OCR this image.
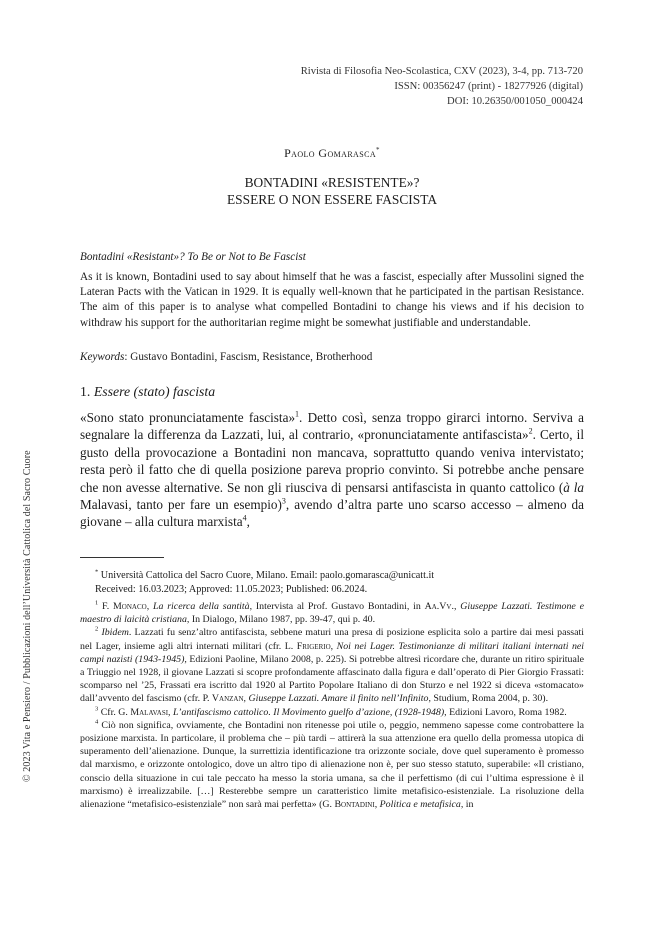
© 2023 Vita e Pensiero / Pubblicazioni dell’Università Cattolica del Sacro Cuore
Rivista di Filosofia Neo-Scolastica, CXV (2023), 3-4, pp. 713-720
ISSN: 00356247 (print) - 18277926 (digital)
DOI: 10.26350/001050_000424
Paolo Gomarasca*
BONTADINI «RESISTENTE»?
ESSERE O NON ESSERE FASCISTA
Bontadini «Resistant»? To Be or Not to Be Fascist
As it is known, Bontadini used to say about himself that he was a fascist, especially after Mussolini signed the Lateran Pacts with the Vatican in 1929. It is equally well-known that he participated in the partisan Resistance. The aim of this paper is to analyse what compelled Bontadini to change his views and if his decision to withdraw his support for the authoritarian regime might be somewhat justifiable and understandable.
Keywords: Gustavo Bontadini, Fascism, Resistance, Brotherhood
1. Essere (stato) fascista
«Sono stato pronunciatamente fascista»$^1$. Detto così, senza troppo girarci intorno. Serviva a segnalare la differenza da Lazzati, lui, al contrario, «pronunciatamente antifascista»$^2$. Certo, il gusto della provocazione a Bontadini non mancava, soprattutto quando veniva intervistato; resta però il fatto che di quella posizione pareva proprio convinto. Si potrebbe anche pensare che non avesse alternative. Se non gli riusciva di pensarsi antifascista in quanto cattolico (à la Malavasi, tanto per fare un esempio)$^3$, avendo d’altra parte uno scarso accesso – almeno da giovane – alla cultura marxista$^4$,
* Università Cattolica del Sacro Cuore, Milano. Email: paolo.gomarasca@unicatt.it
Received: 16.03.2023; Approved: 11.05.2023; Published: 06.2024.

$^1$ F. Monaco, La ricerca della santità, Intervista al Prof. Gustavo Bontadini, in Aa.Vv., Giuseppe Lazzati. Testimone e maestro di laicità cristiana, In Dialogo, Milano 1987, pp. 39-47, qui p. 40.

$^2$ Ibidem. Lazzati fu senz’altro antifascista, sebbene maturi una presa di posizione esplicita solo a partire dai mesi passati nel Lager, insieme agli altri internati militari (cfr. L. Frigerio, Noi nei Lager. Testimonianze di militari italiani internati nei campi nazisti (1943-1945), Edizioni Paoline, Milano 2008, p. 225). Si potrebbe altresì ricordare che, durante un ritiro spirituale a Triuggio nel 1928, il giovane Lazzati si scopre profondamente affascinato dalla figura e dall’operato di Pier Giorgio Frassati: scomparso nel ’25, Frassati era iscritto dal 1920 al Partito Popolare Italiano di don Sturzo e nel 1922 si diceva «stomacato» dall’avvento del fascismo (cfr. P. Vanzan, Giuseppe Lazzati. Amare il finito nell’Infinito, Studium, Roma 2004, p. 30).

$^3$ Cfr. G. Malavasi, L’antifascismo cattolico. Il Movimento guelfo d’azione, (1928-1948), Edizioni Lavoro, Roma 1982.

$^4$ Ciò non significa, ovviamente, che Bontadini non ritenesse poi utile o, peggio, nemmeno sapesse come controbattere la posizione marxista. In particolare, il problema che – più tardi – attirerà la sua attenzione era quello della promessa utopica di superamento dell’alienazione. Dunque, la surrettizia identificazione tra orizzonte sociale, dove quel superamento è promesso dal marxismo, e orizzonte ontologico, dove un altro tipo di alienazione non è, per suo stesso statuto, superabile: «Il cristiano, conscio della situazione in cui tale peccato ha messo la storia umana, sa che il perfettismo (di cui l’ultima espressione è il marxismo) è irrealizzabile. […] Resterebbe sempre un caratteristico limite metafisico-esistenziale. La risoluzione della alienazione “metafisico-esistenziale” non sarà mai perfetta» (G. Bontadini, Politica e metafisica, in
